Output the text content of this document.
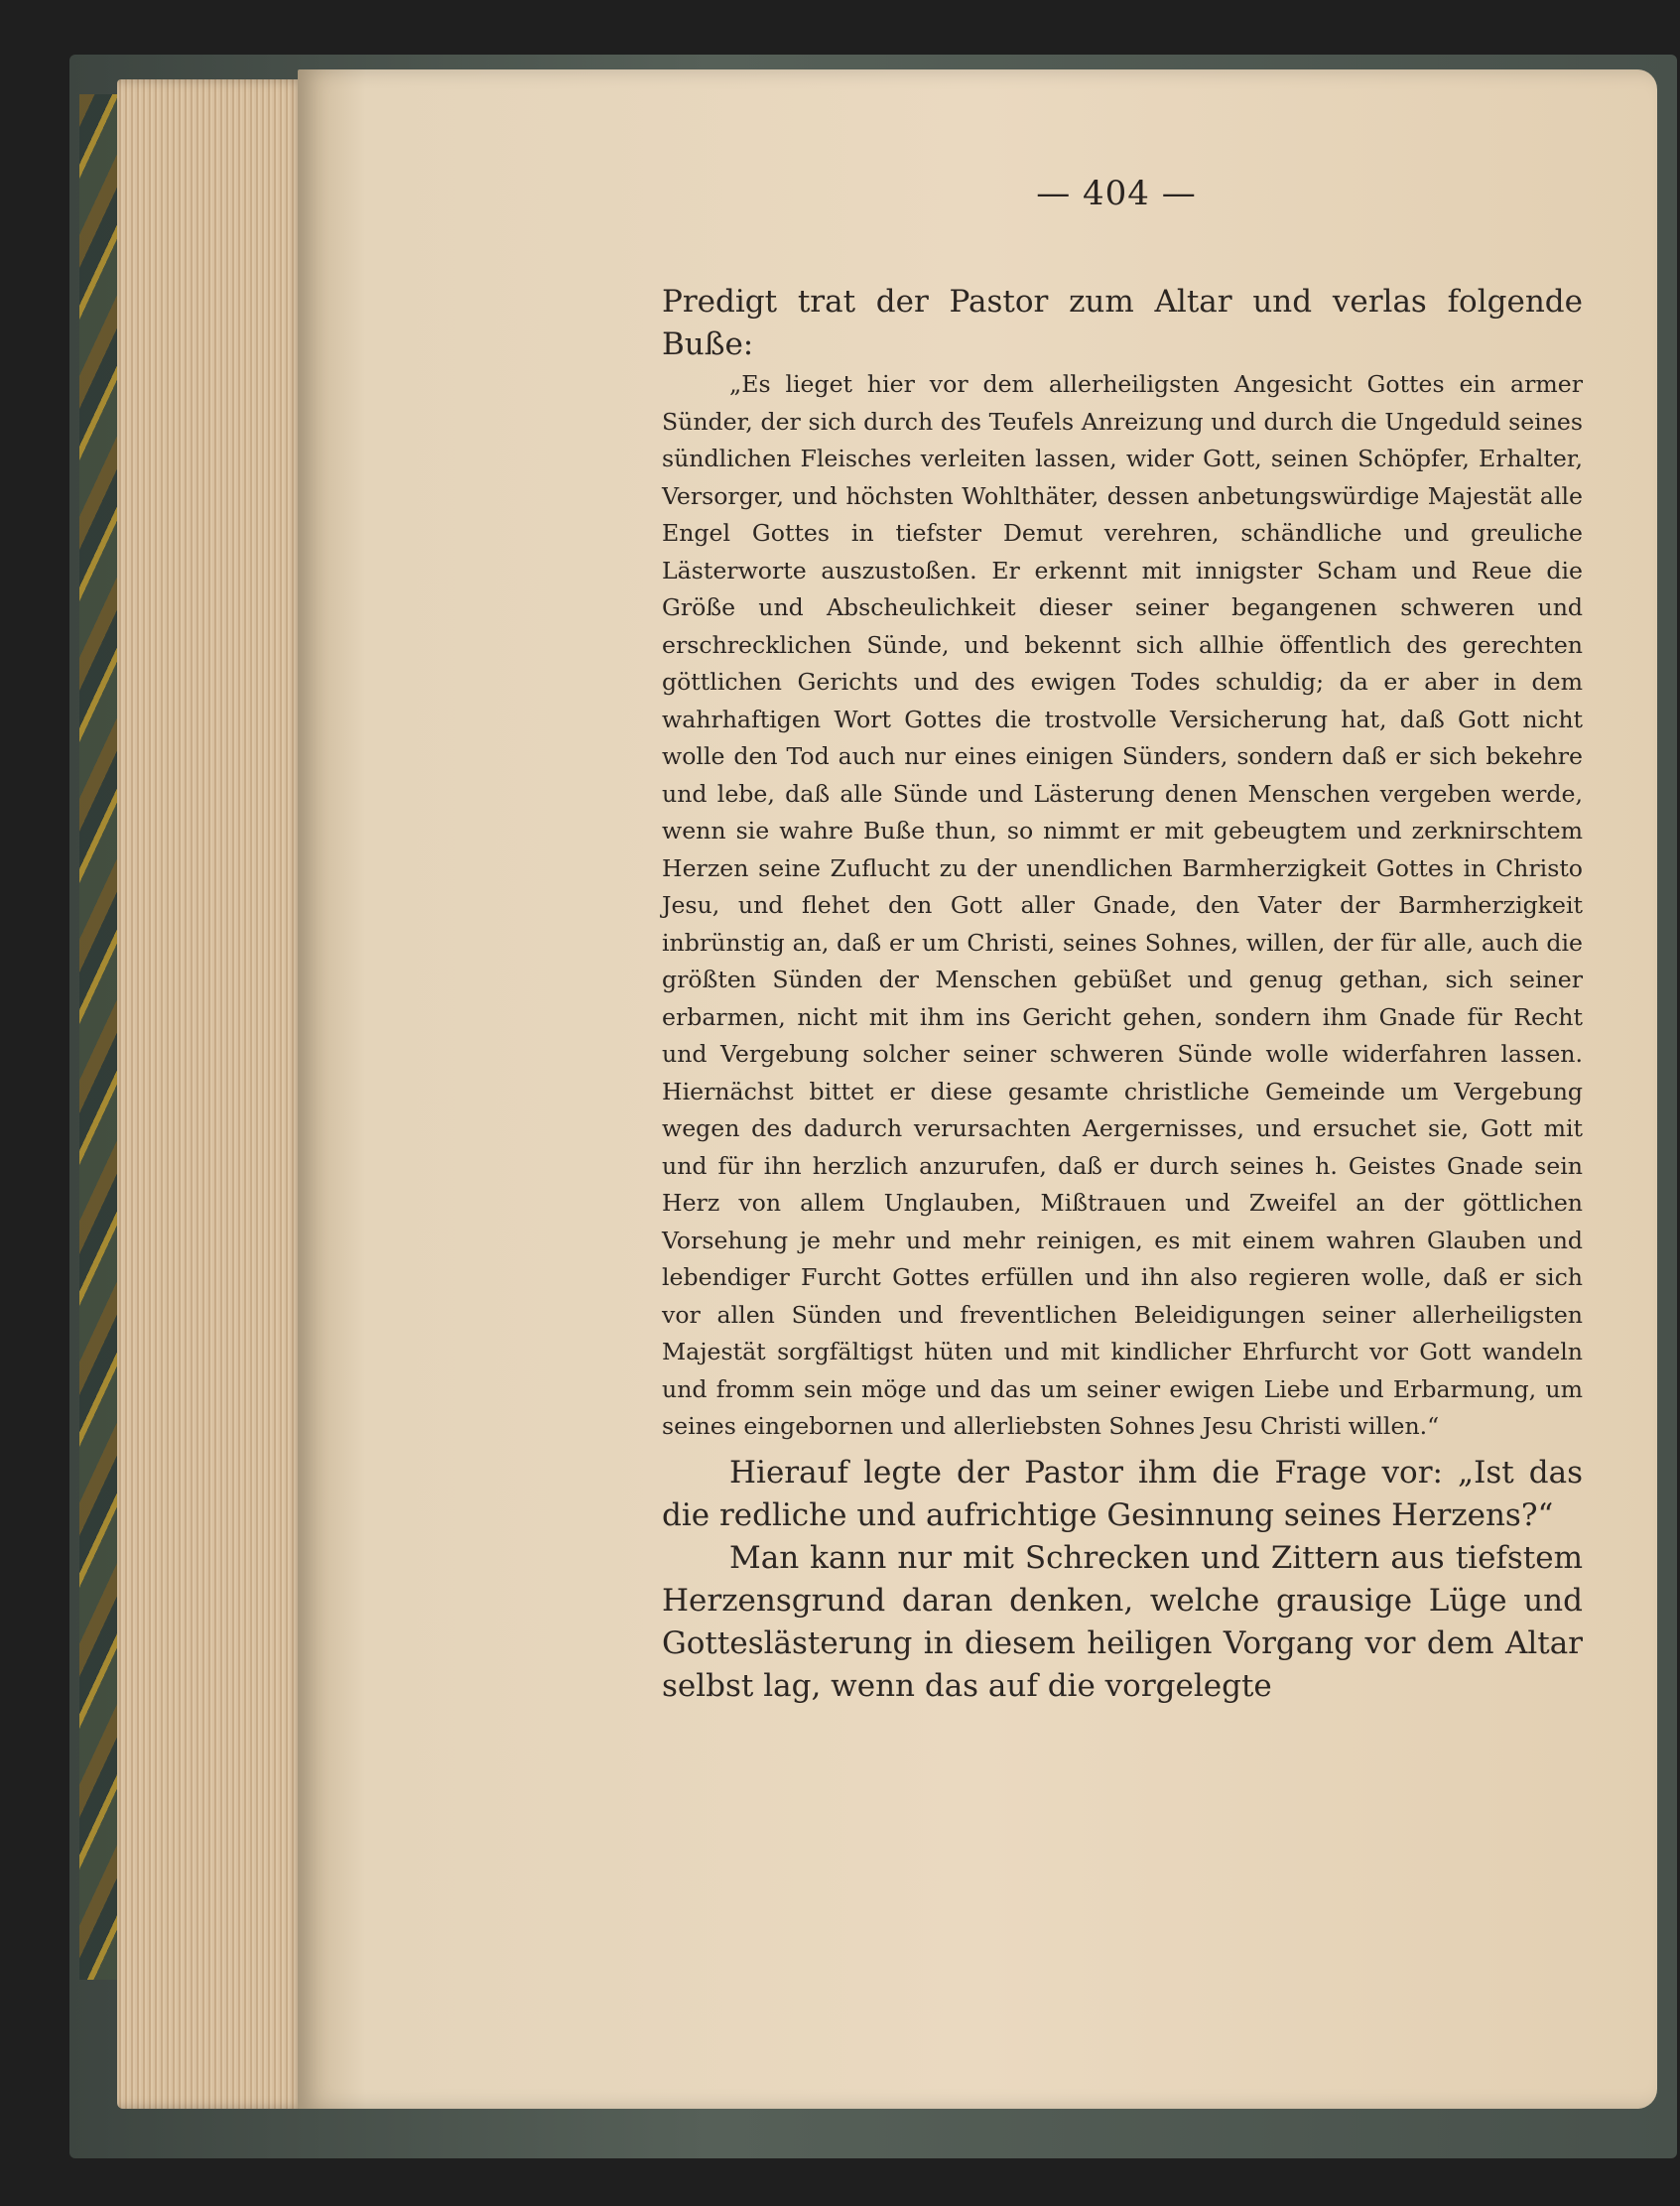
— 404 —

Predigt trat der Pastor zum Altar und verlas folgende Buße:

„Es lieget hier vor dem allerheiligsten Angesicht Gottes ein armer Sünder, der sich durch des Teufels Anreizung und durch die Ungeduld seines sündlichen Fleisches verleiten lassen, wider Gott, seinen Schöpfer, Erhalter, Versorger, und höchsten Wohlthäter, dessen anbetungswürdige Majestät alle Engel Gottes in tiefster Demut verehren, schändliche und greuliche Lästerworte auszustoßen. Er erkennt mit innigster Scham und Reue die Größe und Abscheulichkeit dieser seiner begangenen schweren und erschrecklichen Sünde, und bekennt sich allhie öffentlich des gerechten göttlichen Gerichts und des ewigen Todes schuldig; da er aber in dem wahrhaftigen Wort Gottes die trostvolle Versicherung hat, daß Gott nicht wolle den Tod auch nur eines einigen Sünders, sondern daß er sich bekehre und lebe, daß alle Sünde und Lästerung denen Menschen vergeben werde, wenn sie wahre Buße thun, so nimmt er mit gebeugtem und zerknirschtem Herzen seine Zuflucht zu der unendlichen Barmherzigkeit Gottes in Christo Jesu, und flehet den Gott aller Gnade, den Vater der Barmherzigkeit inbrünstig an, daß er um Christi, seines Sohnes, willen, der für alle, auch die größten Sünden der Menschen gebüßet und genug gethan, sich seiner erbarmen, nicht mit ihm ins Gericht gehen, sondern ihm Gnade für Recht und Vergebung solcher seiner schweren Sünde wolle widerfahren lassen. Hiernächst bittet er diese gesamte christliche Gemeinde um Vergebung wegen des dadurch verursachten Aergernisses, und ersuchet sie, Gott mit und für ihn herzlich anzurufen, daß er durch seines h. Geistes Gnade sein Herz von allem Unglauben, Mißtrauen und Zweifel an der göttlichen Vorsehung je mehr und mehr reinigen, es mit einem wahren Glauben und lebendiger Furcht Gottes erfüllen und ihn also regieren wolle, daß er sich vor allen Sünden und freventlichen Beleidigungen seiner allerheiligsten Majestät sorgfältigst hüten und mit kindlicher Ehrfurcht vor Gott wandeln und fromm sein möge und das um seiner ewigen Liebe und Erbarmung, um seines eingebornen und allerliebsten Sohnes Jesu Christi willen.“

Hierauf legte der Pastor ihm die Frage vor: „Ist das die redliche und aufrichtige Gesinnung seines Herzens?“

Man kann nur mit Schrecken und Zittern aus tiefstem Herzensgrund daran denken, welche grausige Lüge und Gotteslästerung in diesem heiligen Vorgang vor dem Altar selbst lag, wenn das auf die vorgelegte
